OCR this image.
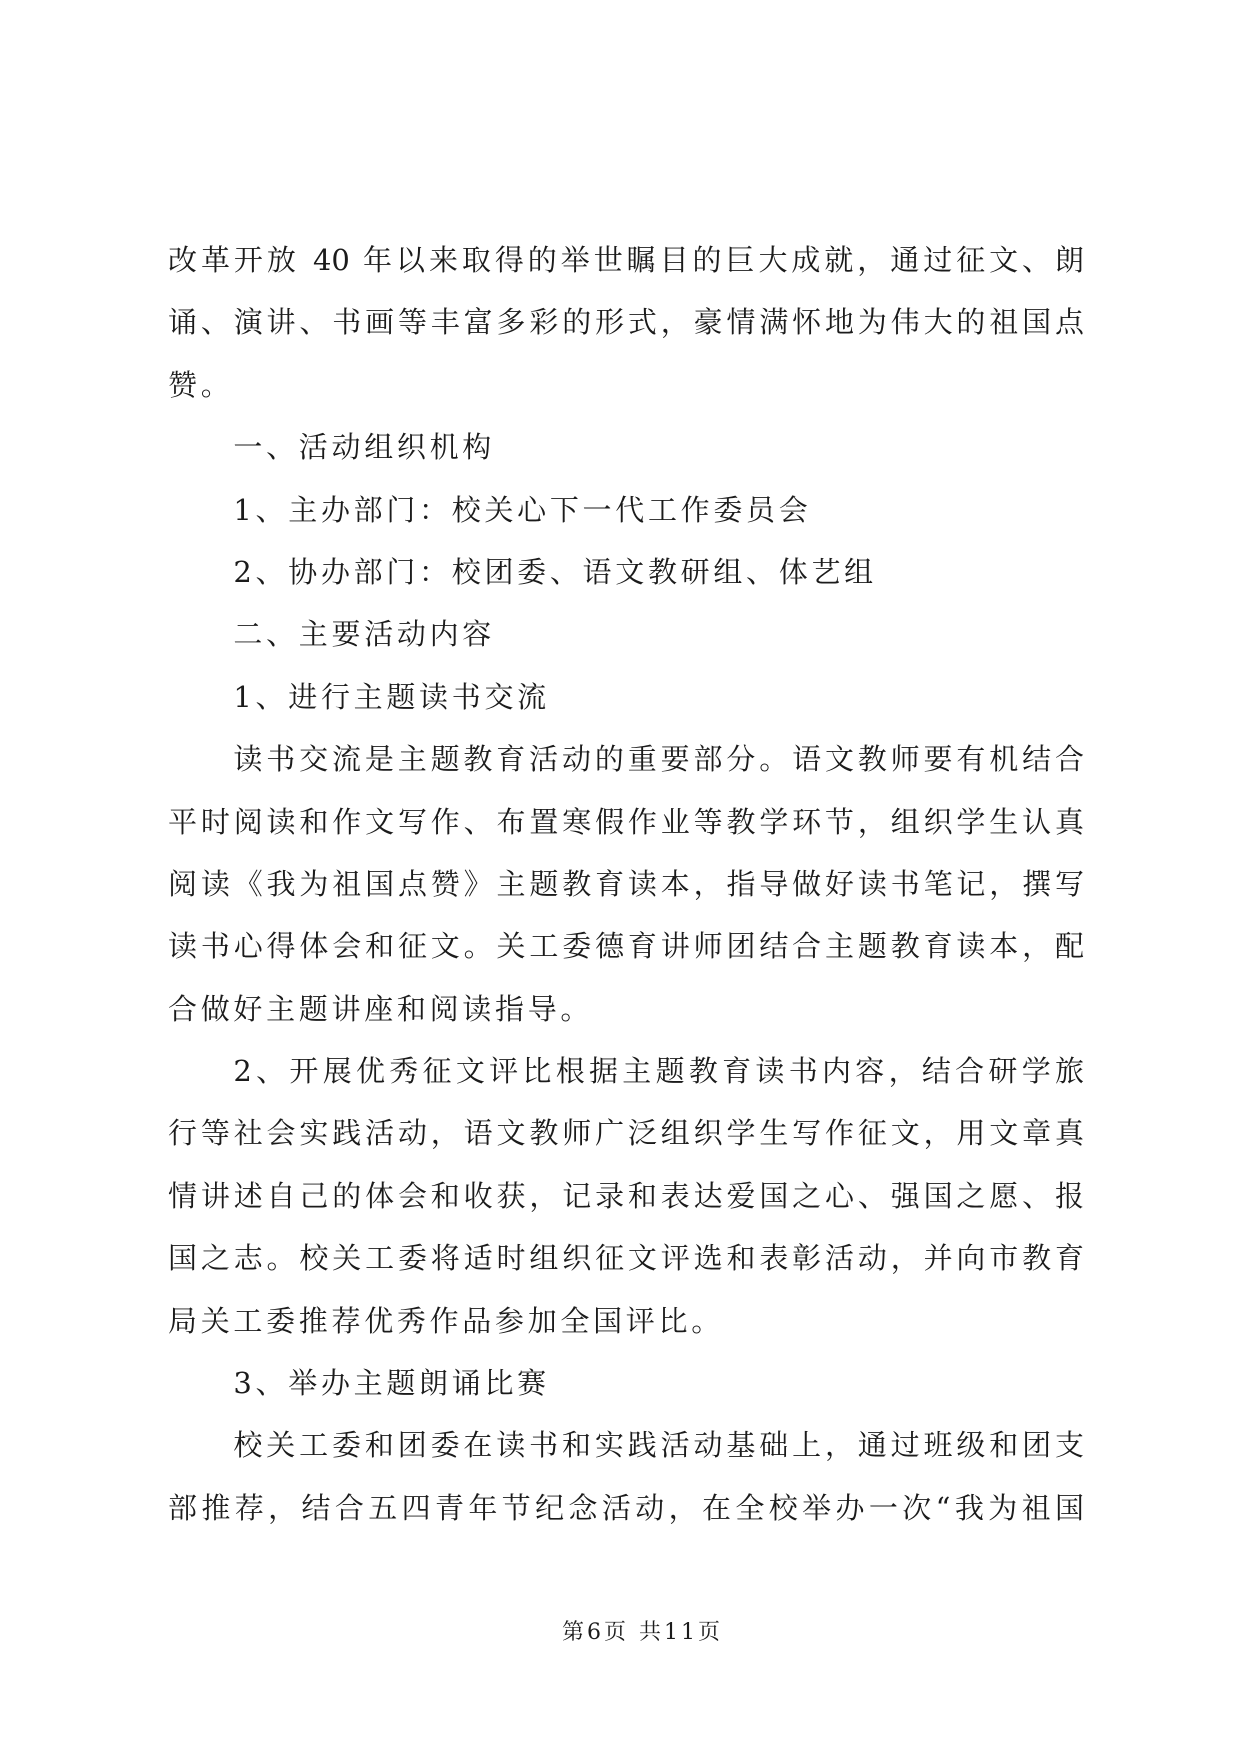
改革开放 40 年以来取得的举世瞩目的巨大成就，通过征文、朗
诵、演讲、书画等丰富多彩的形式，豪情满怀地为伟大的祖国点
赞。

一、活动组织机构

1、主办部门：校关心下一代工作委员会

2、协办部门：校团委、语文教研组、体艺组

二、主要活动内容

1、进行主题读书交流

读书交流是主题教育活动的重要部分。语文教师要有机结合
平时阅读和作文写作、布置寒假作业等教学环节，组织学生认真
阅读《我为祖国点赞》主题教育读本，指导做好读书笔记，撰写
读书心得体会和征文。关工委德育讲师团结合主题教育读本，配
合做好主题讲座和阅读指导。

2、开展优秀征文评比根据主题教育读书内容，结合研学旅
行等社会实践活动，语文教师广泛组织学生写作征文，用文章真
情讲述自己的体会和收获，记录和表达爱国之心、强国之愿、报
国之志。校关工委将适时组织征文评选和表彰活动，并向市教育
局关工委推荐优秀作品参加全国评比。

3、举办主题朗诵比赛

校关工委和团委在读书和实践活动基础上，通过班级和团支
部推荐，结合五四青年节纪念活动，在全校举办一次“我为祖国

第6页 共11页
